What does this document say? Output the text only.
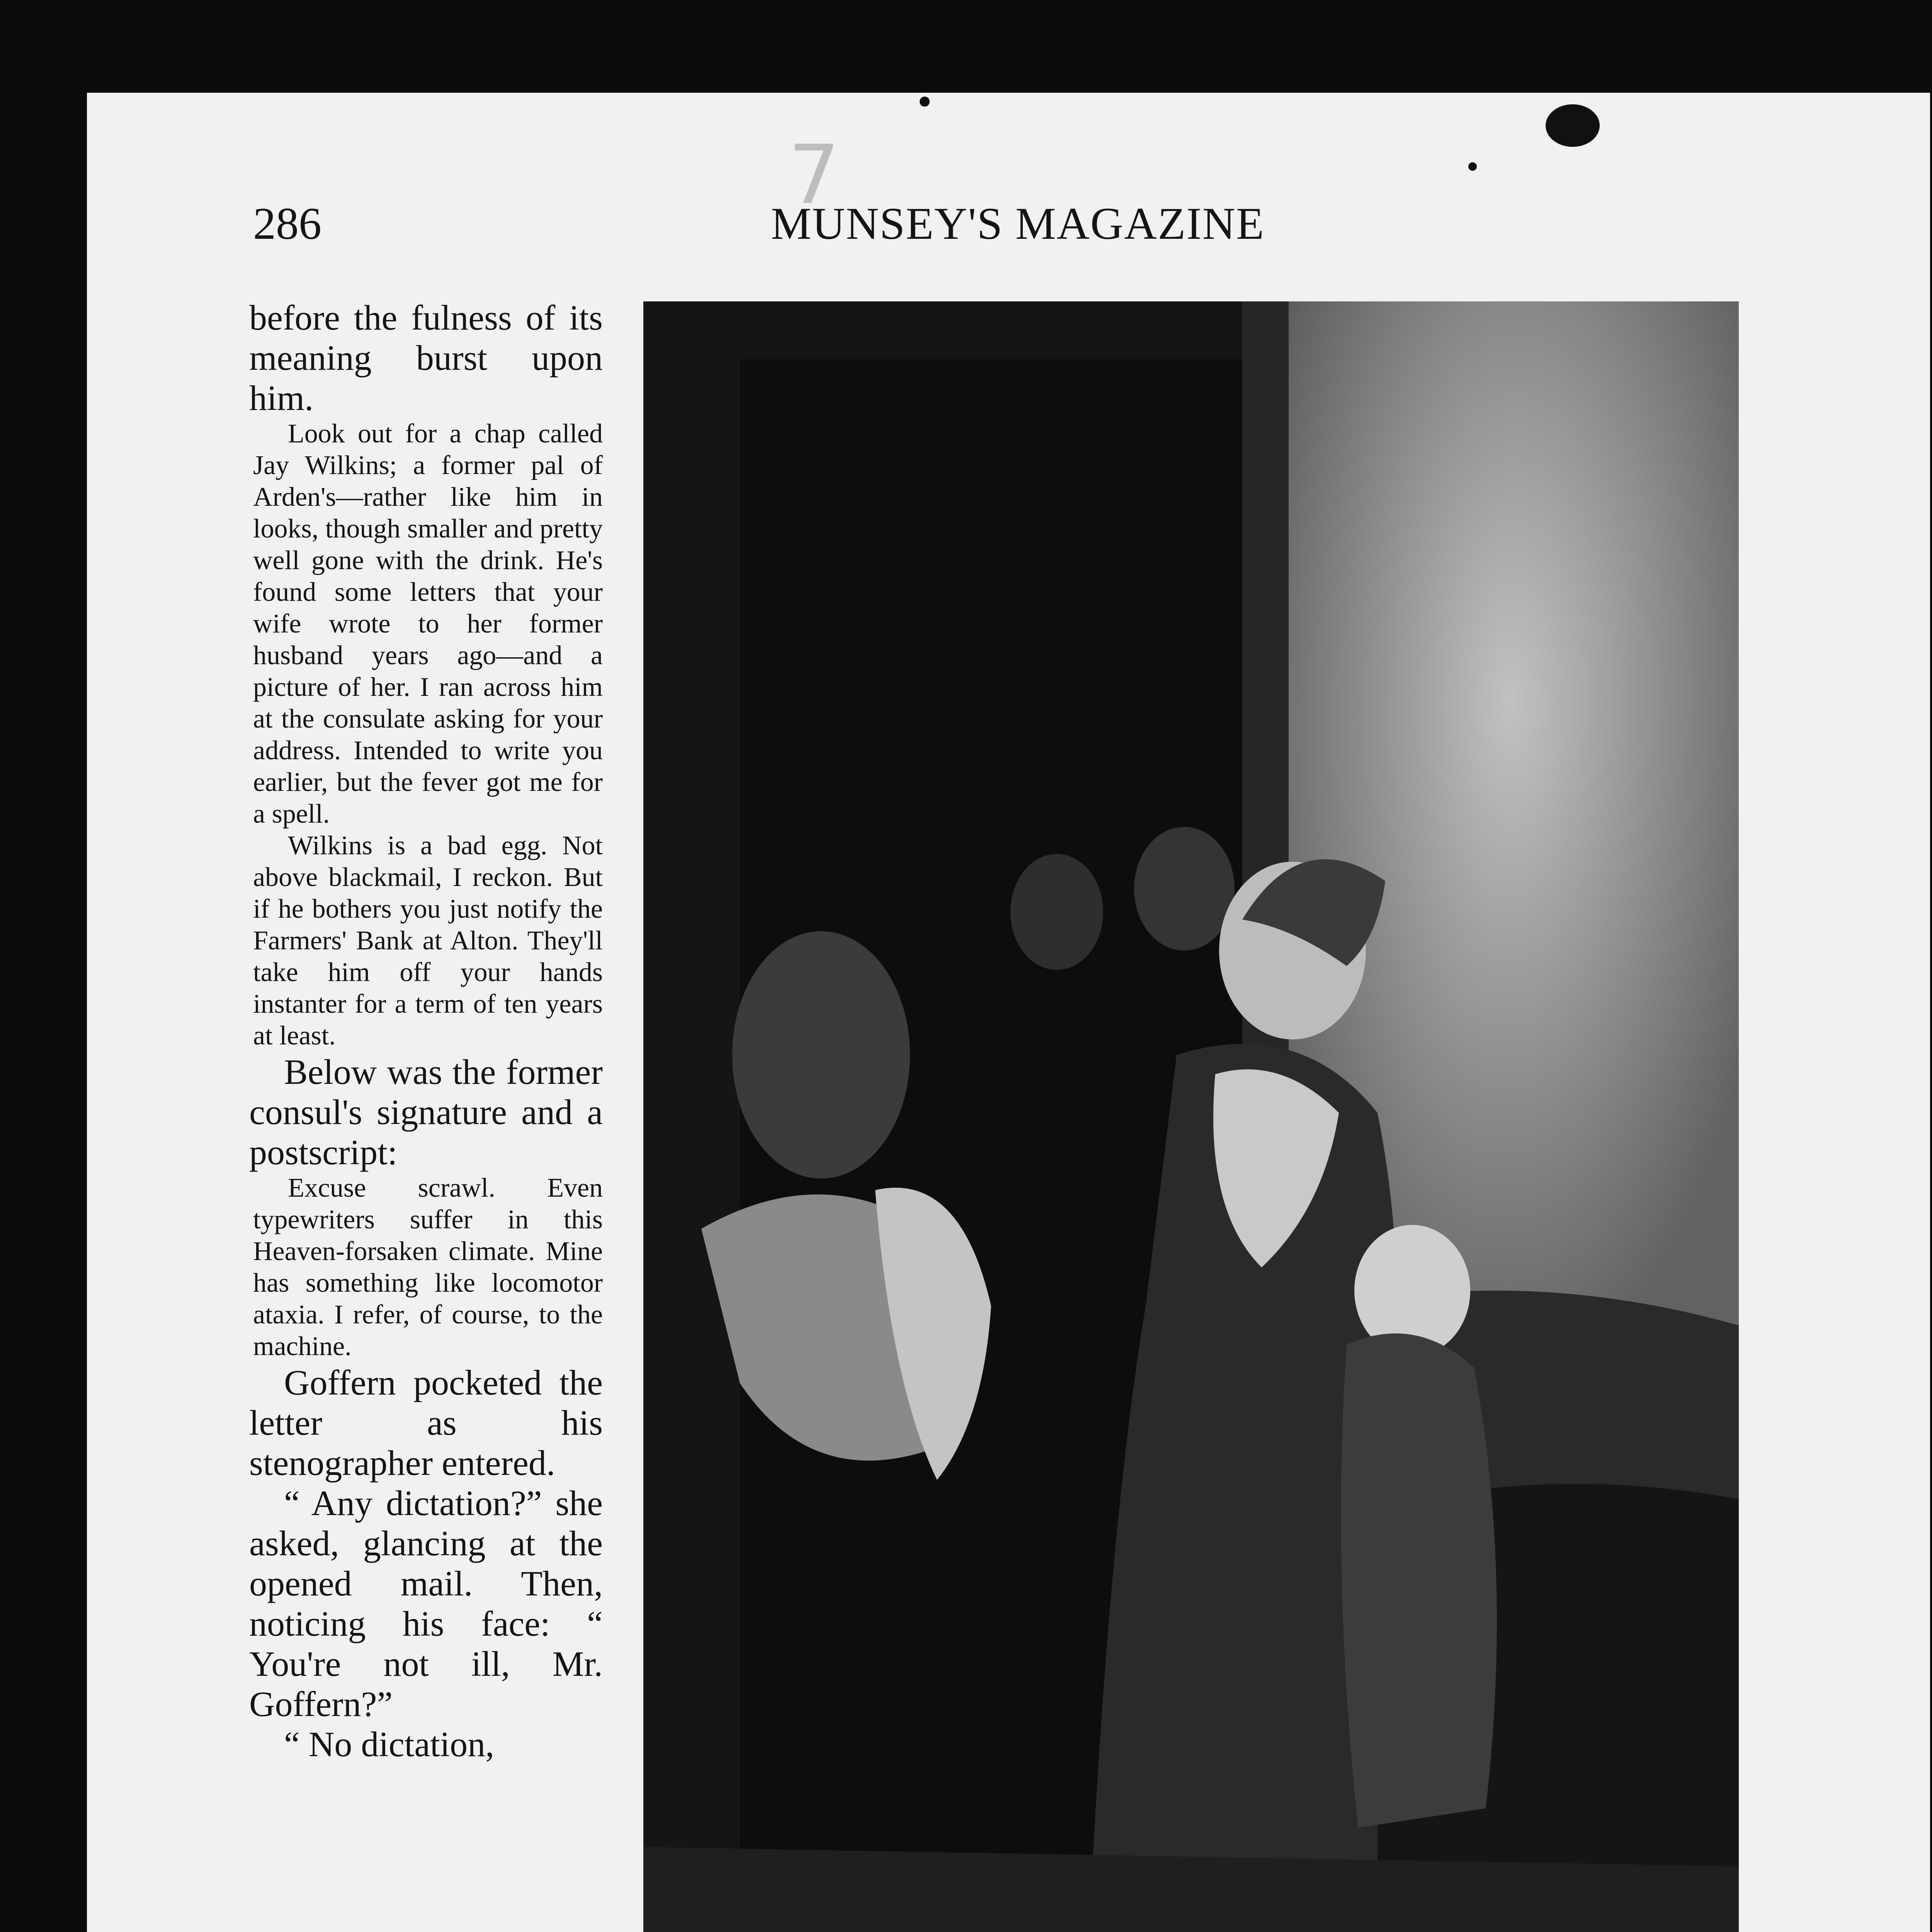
7
286	MUNSEY'S MAGAZINE

before the fulness of its meaning burst upon him.

Look out for a chap called Jay Wilkins; a former pal of Arden's—rather like him in looks, though smaller and pretty well gone with the drink. He's found some letters that your wife wrote to her former husband years ago—and a picture of her. I ran across him at the consulate asking for your address. Intended to write you earlier, but the fever got me for a spell.

Wilkins is a bad egg. Not above blackmail, I reckon. But if he bothers you just notify the Farmers' Bank at Alton. They'll take him off your hands instanter for a term of ten years at least.

Below was the former consul's signature and a postscript:

Excuse scrawl. Even typewriters suffer in this Heaven-forsaken climate. Mine has something like locomotor ataxia. I refer, of course, to the machine.

Goffern pocketed the letter as his stenographer entered.

“ Any dictation?” she asked, glancing at the opened mail. Then, noticing his face: “ You're not ill, Mr. Goffern?”

“ No dictation,
